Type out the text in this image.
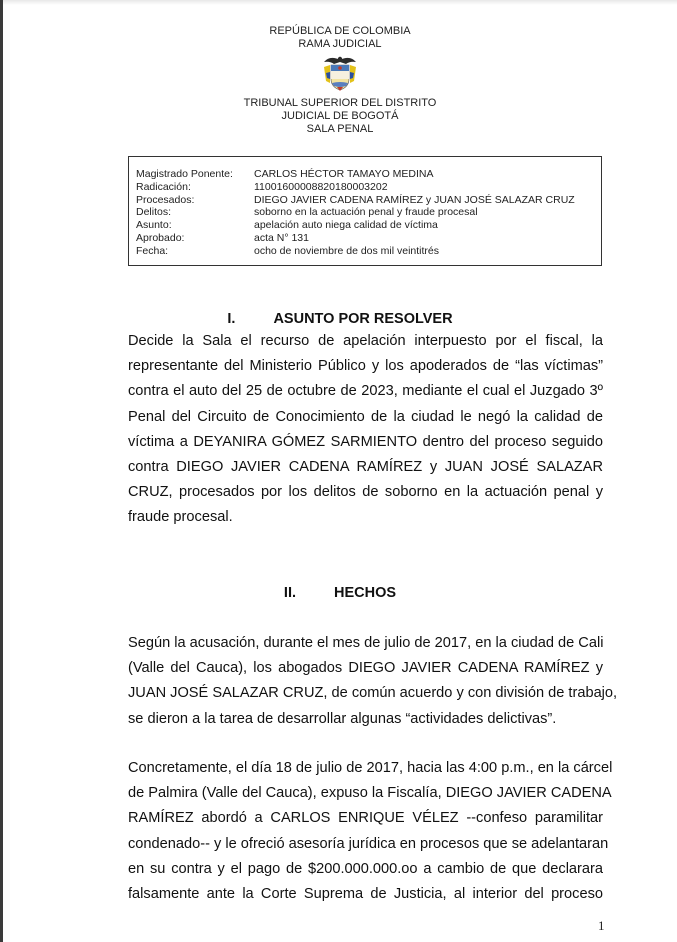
REPÚBLICA DE COLOMBIA
RAMA JUDICIAL
TRIBUNAL SUPERIOR DEL DISTRITO
JUDICIAL DE BOGOTÁ
SALA PENAL
Magistrado Ponente: CARLOS HÉCTOR TAMAYO MEDINA
Radicación:	11001600008820180003202
Procesados:	DIEGO JAVIER CADENA RAMÍREZ y JUAN JOSÉ SALAZAR CRUZ
Delitos:	soborno en la actuación penal y fraude procesal
Asunto:	apelación auto niega calidad de víctima
Aprobado:	acta N° 131
Fecha:	ocho de noviembre de dos mil veintitrés
I.	ASUNTO POR RESOLVER
Decide la Sala el recurso de apelación interpuesto por el fiscal, la
representante del Ministerio Público y los apoderados de “las víctimas”
contra el auto del 25 de octubre de 2023, mediante el cual el Juzgado 3º
Penal del Circuito de Conocimiento de la ciudad le negó la calidad de
víctima a DEYANIRA GÓMEZ SARMIENTO dentro del proceso seguido
contra DIEGO JAVIER CADENA RAMÍREZ y JUAN JOSÉ SALAZAR
CRUZ, procesados por los delitos de soborno en la actuación penal y
fraude procesal.
II.	HECHOS
Según la acusación, durante el mes de julio de 2017, en la ciudad de Cali
(Valle del Cauca), los abogados DIEGO JAVIER CADENA RAMÍREZ y
JUAN JOSÉ SALAZAR CRUZ, de común acuerdo y con división de trabajo,
se dieron a la tarea de desarrollar algunas “actividades delictivas”.
Concretamente, el día 18 de julio de 2017, hacia las 4:00 p.m., en la cárcel
de Palmira (Valle del Cauca), expuso la Fiscalía, DIEGO JAVIER CADENA
RAMÍREZ abordó a CARLOS ENRIQUE VÉLEZ --confeso paramilitar
condenado-- y le ofreció asesoría jurídica en procesos que se adelantaran
en su contra y el pago de $200.000.000.oo a cambio de que declarara
falsamente ante la Corte Suprema de Justicia, al interior del proceso
1
